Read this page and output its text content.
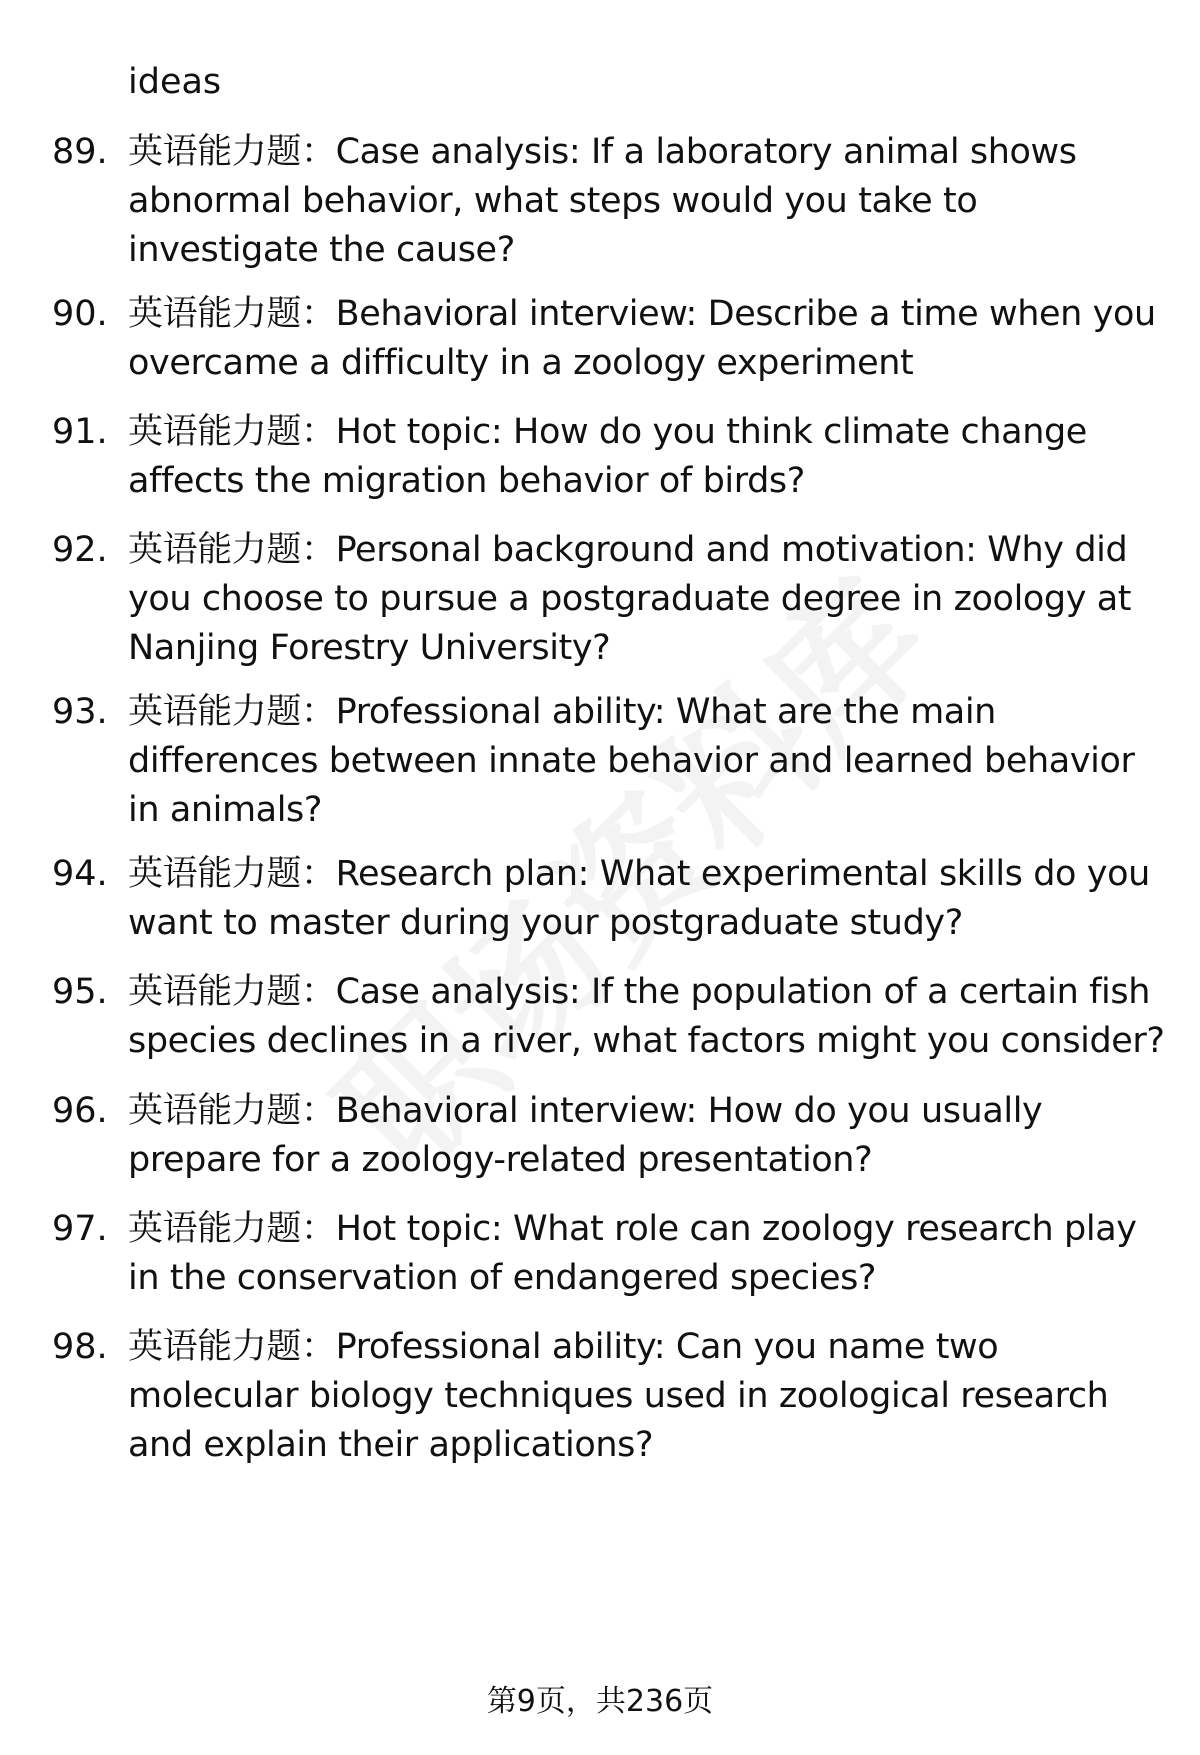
ideas
89. 英语能力题：Case analysis: If a laboratory animal shows abnormal behavior, what steps would you take to investigate the cause?
90. 英语能力题：Behavioral interview: Describe a time when you overcame a difficulty in a zoology experiment
91. 英语能力题：Hot topic: How do you think climate change affects the migration behavior of birds?
92. 英语能力题：Personal background and motivation: Why did you choose to pursue a postgraduate degree in zoology at Nanjing Forestry University?
93. 英语能力题：Professional ability: What are the main differences between innate behavior and learned behavior in animals?
94. 英语能力题：Research plan: What experimental skills do you want to master during your postgraduate study?
95. 英语能力题：Case analysis: If the population of a certain fish species declines in a river, what factors might you consider?
96. 英语能力题：Behavioral interview: How do you usually prepare for a zoology-related presentation?
97. 英语能力题：Hot topic: What role can zoology research play in the conservation of endangered species?
98. 英语能力题：Professional ability: Can you name two molecular biology techniques used in zoological research and explain their applications?
第9页，共236页
